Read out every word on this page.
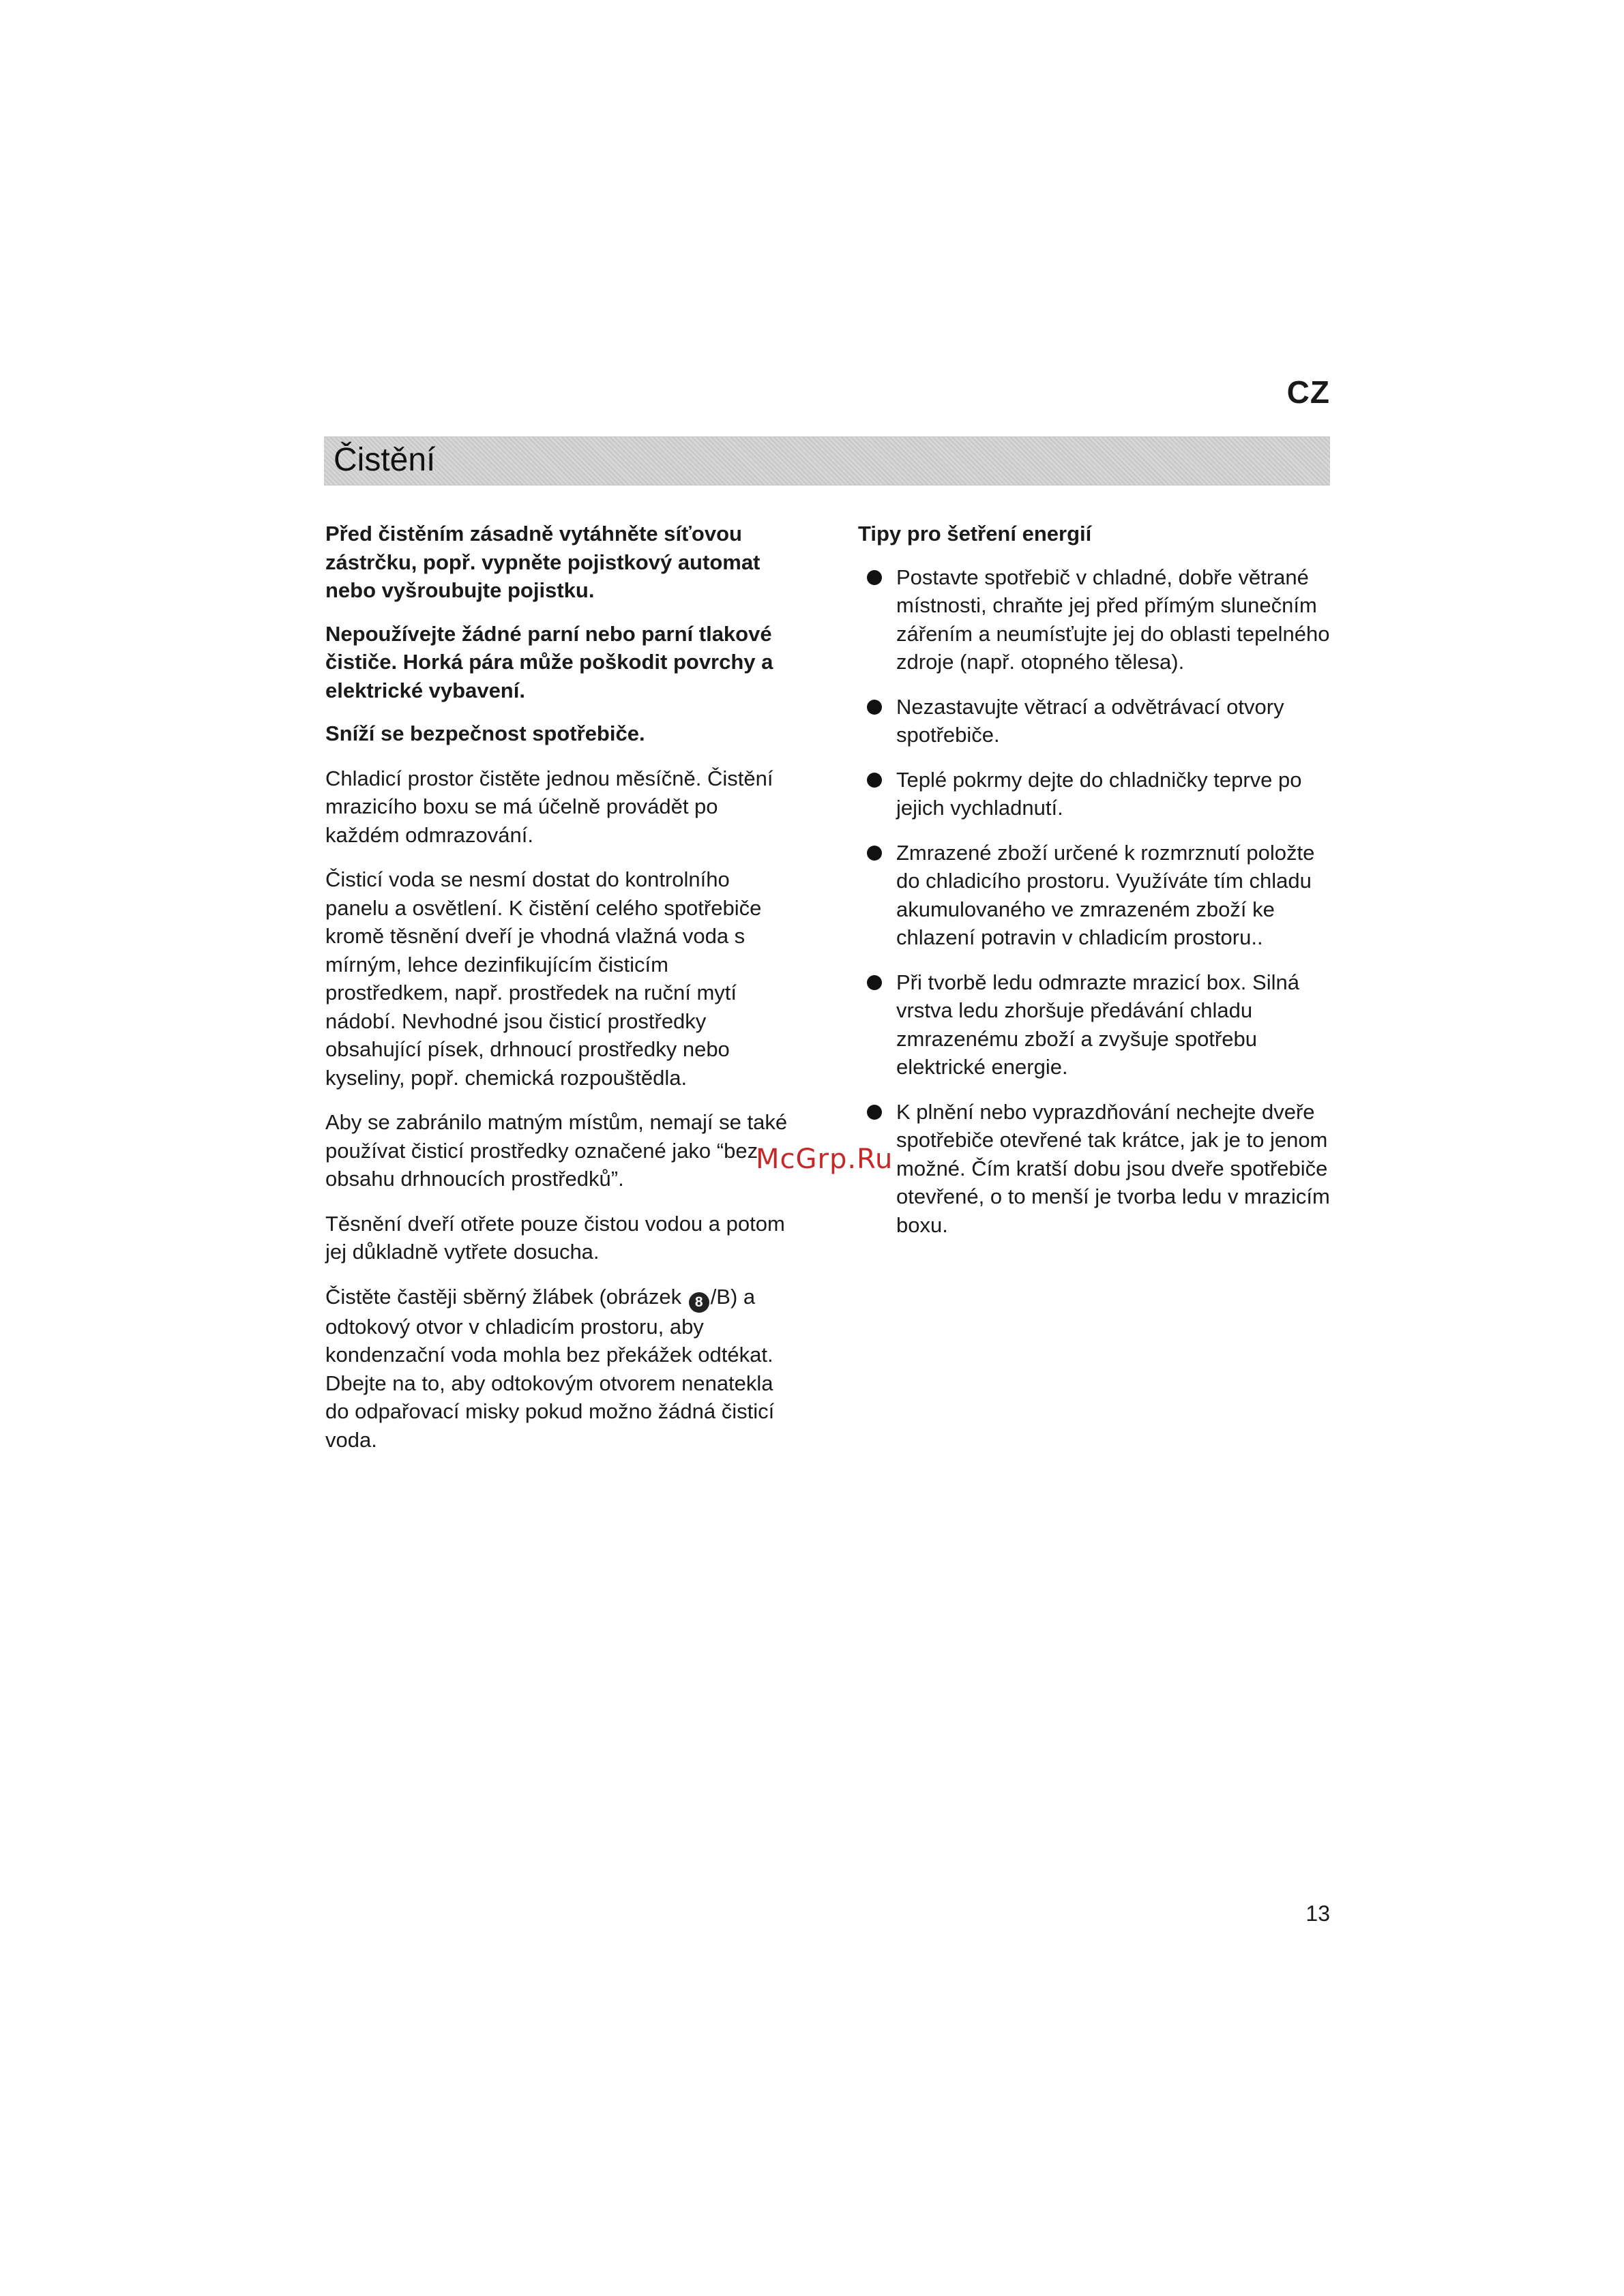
CZ
Čistění

Před čistěním zásadně vytáhněte síťovou zástrčku, popř. vypněte pojistkový automat nebo vyšroubujte pojistku.

Nepoužívejte žádné parní nebo parní tlakové čističe. Horká pára může poškodit povrchy a elektrické vybavení.

Sníží se bezpečnost spotřebiče.

Chladicí prostor čistěte jednou měsíčně. Čistění mrazicího boxu se má účelně provádět po každém odmrazování.

Čisticí voda se nesmí dostat do kontrolního panelu a osvětlení. K čistění celého spotřebiče kromě těsnění dveří je vhodná vlažná voda s mírným, lehce dezinfikujícím čisticím prostředkem, např. prostředek na ruční mytí nádobí. Nevhodné jsou čisticí prostředky obsahující písek, drhnoucí prostředky nebo kyseliny, popř. chemická rozpouštědla.

Aby se zabránilo matným místům, nemají se také používat čisticí prostředky označené jako “bez obsahu drhnoucích prostředků”.

Těsnění dveří otřete pouze čistou vodou a potom jej důkladně vytřete dosucha.

Čistěte častěji sběrný žlábek (obrázek 8 /B) a odtokový otvor v chladicím prostoru, aby kondenzační voda mohla bez překážek odtékat. Dbejte na to, aby odtokovým otvorem nenatekla do odpařovací misky pokud možno žádná čisticí voda.

Tipy pro šetření energií

Postavte spotřebič v chladné, dobře větrané místnosti, chraňte jej před přímým slunečním zářením a neumísťujte jej do oblasti tepelného zdroje (např. otopného tělesa).
Nezastavujte větrací a odvětrávací otvory spotřebiče.
Teplé pokrmy dejte do chladničky teprve po jejich vychladnutí.
Zmrazené zboží určené k rozmrznutí položte do chladicího prostoru. Využíváte tím chladu akumulovaného ve zmrazeném zboží ke chlazení potravin v chladicím prostoru..
Při tvorbě ledu odmrazte mrazicí box. Silná vrstva ledu zhoršuje předávání chladu zmrazenému zboží a zvyšuje spotřebu elektrické energie.
K plnění nebo vyprazdňování nechejte dveře spotřebiče otevřené tak krátce, jak je to jenom možné. Čím kratší dobu jsou dveře spotřebiče otevřené, o to menší je tvorba ledu v mrazicím boxu.
McGrp.Ru
13
